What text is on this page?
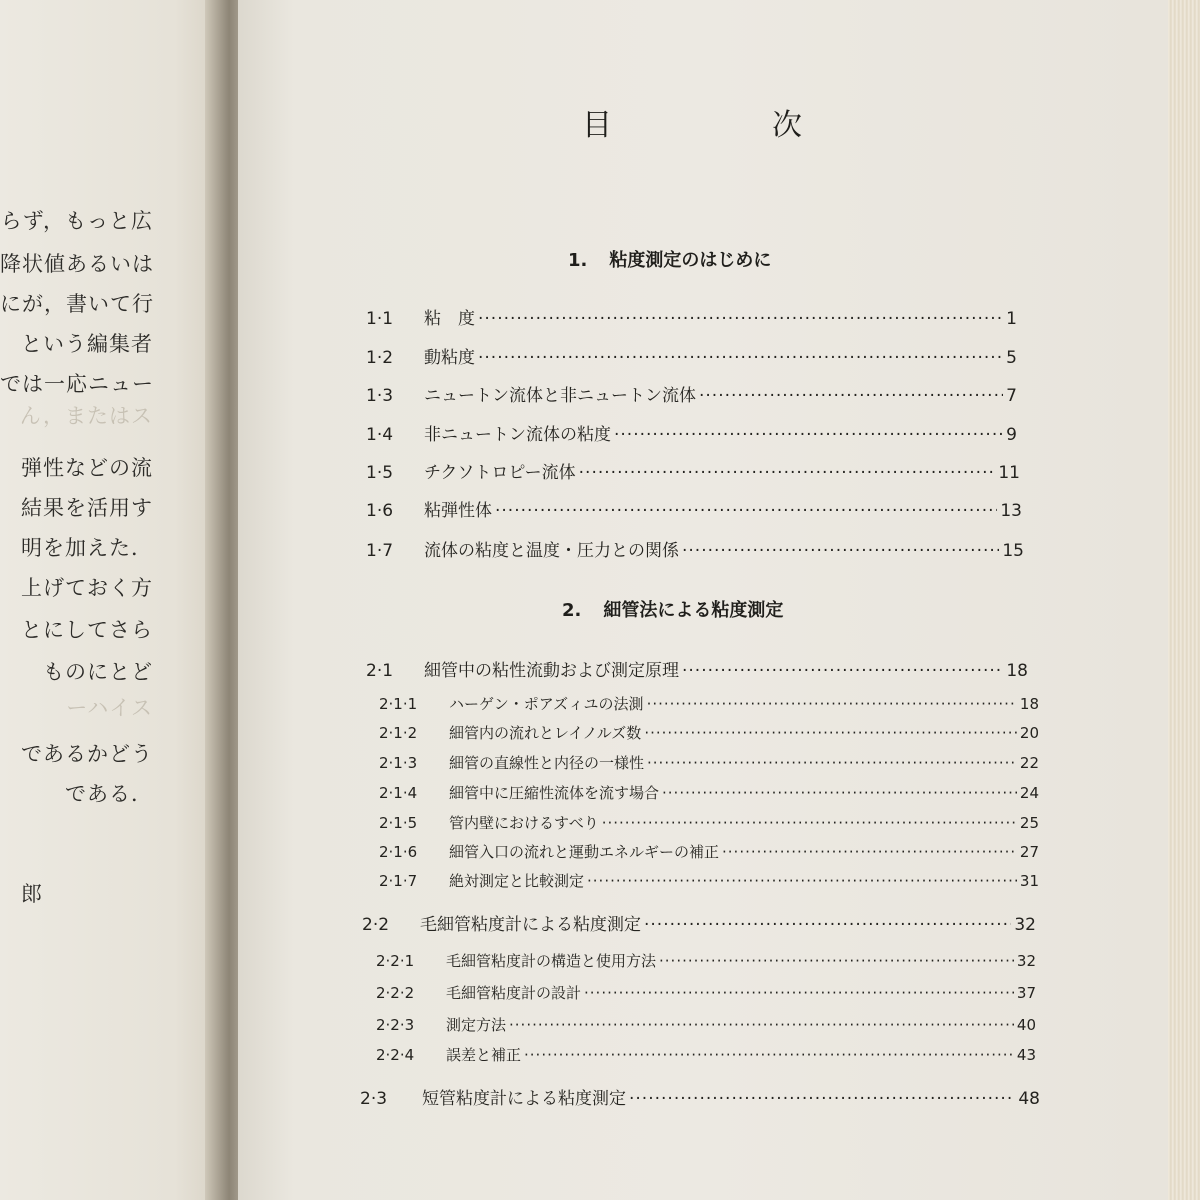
らず，もっと広
降状値あるいは
にが，書いて行
という編集者
では一応ニュー
ん，またはス
弾性などの流
結果を活用す
明を加えた．
上げておく方
とにしてさら
ものにとど
ーハイス
であるかどう
である．
郎
目	次
1. 粘度測定のはじめに
1·1	粘　度 ·····	1
1·2	動粘度 ·····	5
1·3	ニュートン流体と非ニュートン流体 ·····	7
1·4	非ニュートン流体の粘度 ·····	9
1·5	チクソトロピー流体 ·····	11
1·6	粘弾性体 ·····	13
1·7	流体の粘度と温度・圧力との関係 ·····	15
2. 細管法による粘度測定
2·1	細管中の粘性流動および測定原理 ·····	18
2·1·1	ハーゲン・ポアズィユの法測 ·····	18
2·1·2	細管内の流れとレイノルズ数 ·····	20
2·1·3	細管の直線性と内径の一様性 ·····	22
2·1·4	細管中に圧縮性流体を流す場合 ·····	24
2·1·5	管内壁におけるすべり ·····	25
2·1·6	細管入口の流れと運動エネルギーの補正 ·····	27
2·1·7	絶対測定と比較測定 ·····	31
2·2	毛細管粘度計による粘度測定 ·····	32
2·2·1	毛細管粘度計の構造と使用方法 ·····	32
2·2·2	毛細管粘度計の設計 ·····	37
2·2·3	測定方法 ·····	40
2·2·4	誤差と補正 ·····	43
2·3	短管粘度計による粘度測定 ·····	48
